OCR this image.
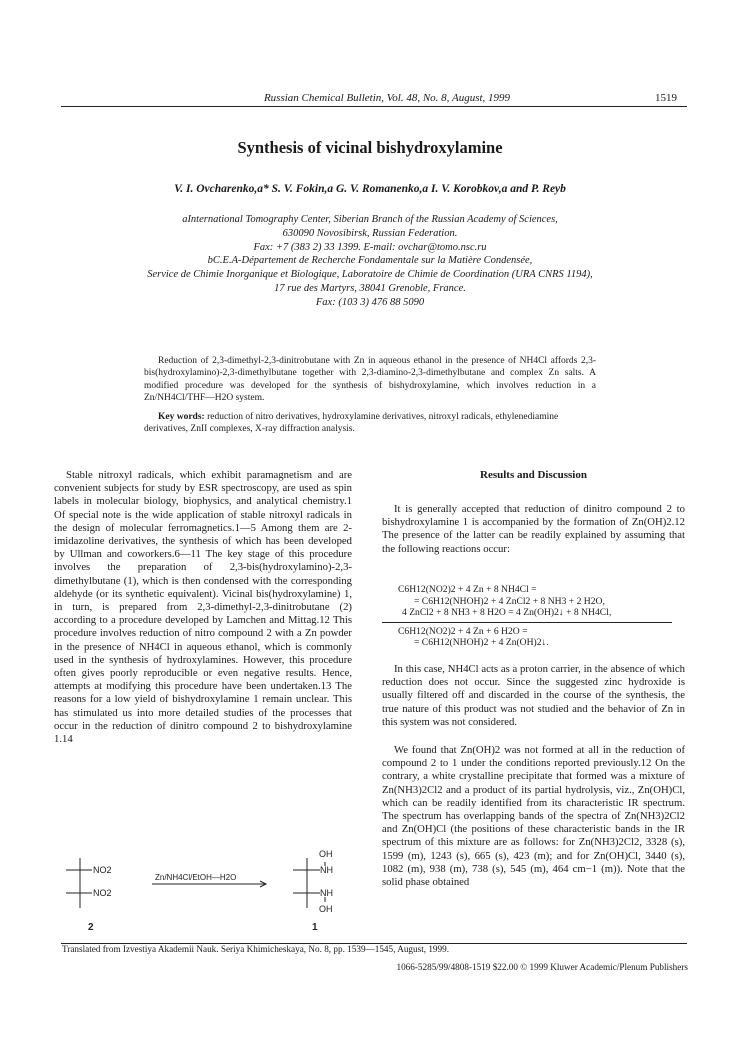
Russian Chemical Bulletin, Vol. 48, No. 8, August, 1999	1519
Synthesis of vicinal bishydroxylamine
V. I. Ovcharenko,a* S. V. Fokin,a G. V. Romanenko,a I. V. Korobkov,a and P. Reyb
aInternational Tomography Center, Siberian Branch of the Russian Academy of Sciences,
630090 Novosibirsk, Russian Federation.
Fax: +7 (383 2) 33 1399. E-mail: ovchar@tomo.nsc.ru
bC.E.A-Département de Recherche Fondamentale sur la Matière Condensée,
Service de Chimie Inorganique et Biologique, Laboratoire de Chimie de Coordination (URA CNRS 1194),
17 rue des Martyrs, 38041 Grenoble, France.
Fax: (103 3) 476 88 5090
Reduction of 2,3-dimethyl-2,3-dinitrobutane with Zn in aqueous ethanol in the presence of NH4Cl affords 2,3-bis(hydroxylamino)-2,3-dimethylbutane together with 2,3-diamino-2,3-dimethylbutane and complex Zn salts. A modified procedure was developed for the synthesis of bishydroxylamine, which involves reduction in a Zn/NH4Cl/THF—H2O system.
Key words: reduction of nitro derivatives, hydroxylamine derivatives, nitroxyl radicals, ethylenediamine derivatives, ZnII complexes, X-ray diffraction analysis.
Stable nitroxyl radicals, which exhibit paramagnetism and are convenient subjects for study by ESR spectroscopy, are used as spin labels in molecular biology, biophysics, and analytical chemistry.1 Of special note is the wide application of stable nitroxyl radicals in the design of molecular ferromagnetics.1—5 Among them are 2-imidazoline derivatives, the synthesis of which has been developed by Ullman and coworkers.6—11 The key stage of this procedure involves the preparation of 2,3-bis(hydroxylamino)-2,3-dimethylbutane (1), which is then condensed with the corresponding aldehyde (or its synthetic equivalent). Vicinal bis(hydroxylamine) 1, in turn, is prepared from 2,3-dimethyl-2,3-dinitrobutane (2) according to a procedure developed by Lamchen and Mittag.12 This procedure involves reduction of nitro compound 2 with a Zn powder in the presence of NH4Cl in aqueous ethanol, which is commonly used in the synthesis of hydroxylamines. However, this procedure often gives poorly reproducible or even negative results. Hence, attempts at modifying this procedure have been undertaken.13 The reasons for a low yield of bishydroxylamine 1 remain unclear. This has stimulated us into more detailed studies of the processes that occur in the reduction of dinitro compound 2 to bishydroxylamine 1.14
Results and Discussion
It is generally accepted that reduction of dinitro compound 2 to bishydroxylamine 1 is accompanied by the formation of Zn(OH)2.12 The presence of the latter can be readily explained by assuming that the following reactions occur:
C6H12(NO2)2 + 4 Zn + 8 NH4Cl =
= C6H12(NHOH)2 + 4 ZnCl2 + 8 NH3 + 2 H2O,
4 ZnCl2 + 8 NH3 + 8 H2O = 4 Zn(OH)2↓ + 8 NH4Cl,
C6H12(NO2)2 + 4 Zn + 6 H2O =
= C6H12(NHOH)2 + 4 Zn(OH)2↓.
In this case, NH4Cl acts as a proton carrier, in the absence of which reduction does not occur. Since the suggested zinc hydroxide is usually filtered off and discarded in the course of the synthesis, the true nature of this product was not studied and the behavior of Zn in this system was not considered.
We found that Zn(OH)2 was not formed at all in the reduction of compound 2 to 1 under the conditions reported previously.12 On the contrary, a white crystalline precipitate that formed was a mixture of Zn(NH3)2Cl2 and a product of its partial hydrolysis, viz., Zn(OH)Cl, which can be readily identified from its characteristic IR spectrum. The spectrum has overlapping bands of the spectra of Zn(NH3)2Cl2 and Zn(OH)Cl (the positions of these characteristic bands in the IR spectrum of this mixture are as follows: for Zn(NH3)2Cl2, 3328 (s), 1599 (m), 1243 (s), 665 (s), 423 (m); and for Zn(OH)Cl, 3440 (s), 1082 (m), 938 (m), 738 (s), 545 (m), 464 cm−1 (m)). Note that the solid phase obtained
NO2
NO2
Zn/NH4Cl/EtOH—H2O
OH
NH
NH
OH
2	1
Translated from Izvestiya Akademii Nauk. Seriya Khimicheskaya, No. 8, pp. 1539—1545, August, 1999.
1066-5285/99/4808-1519 $22.00 © 1999 Kluwer Academic/Plenum Publishers
